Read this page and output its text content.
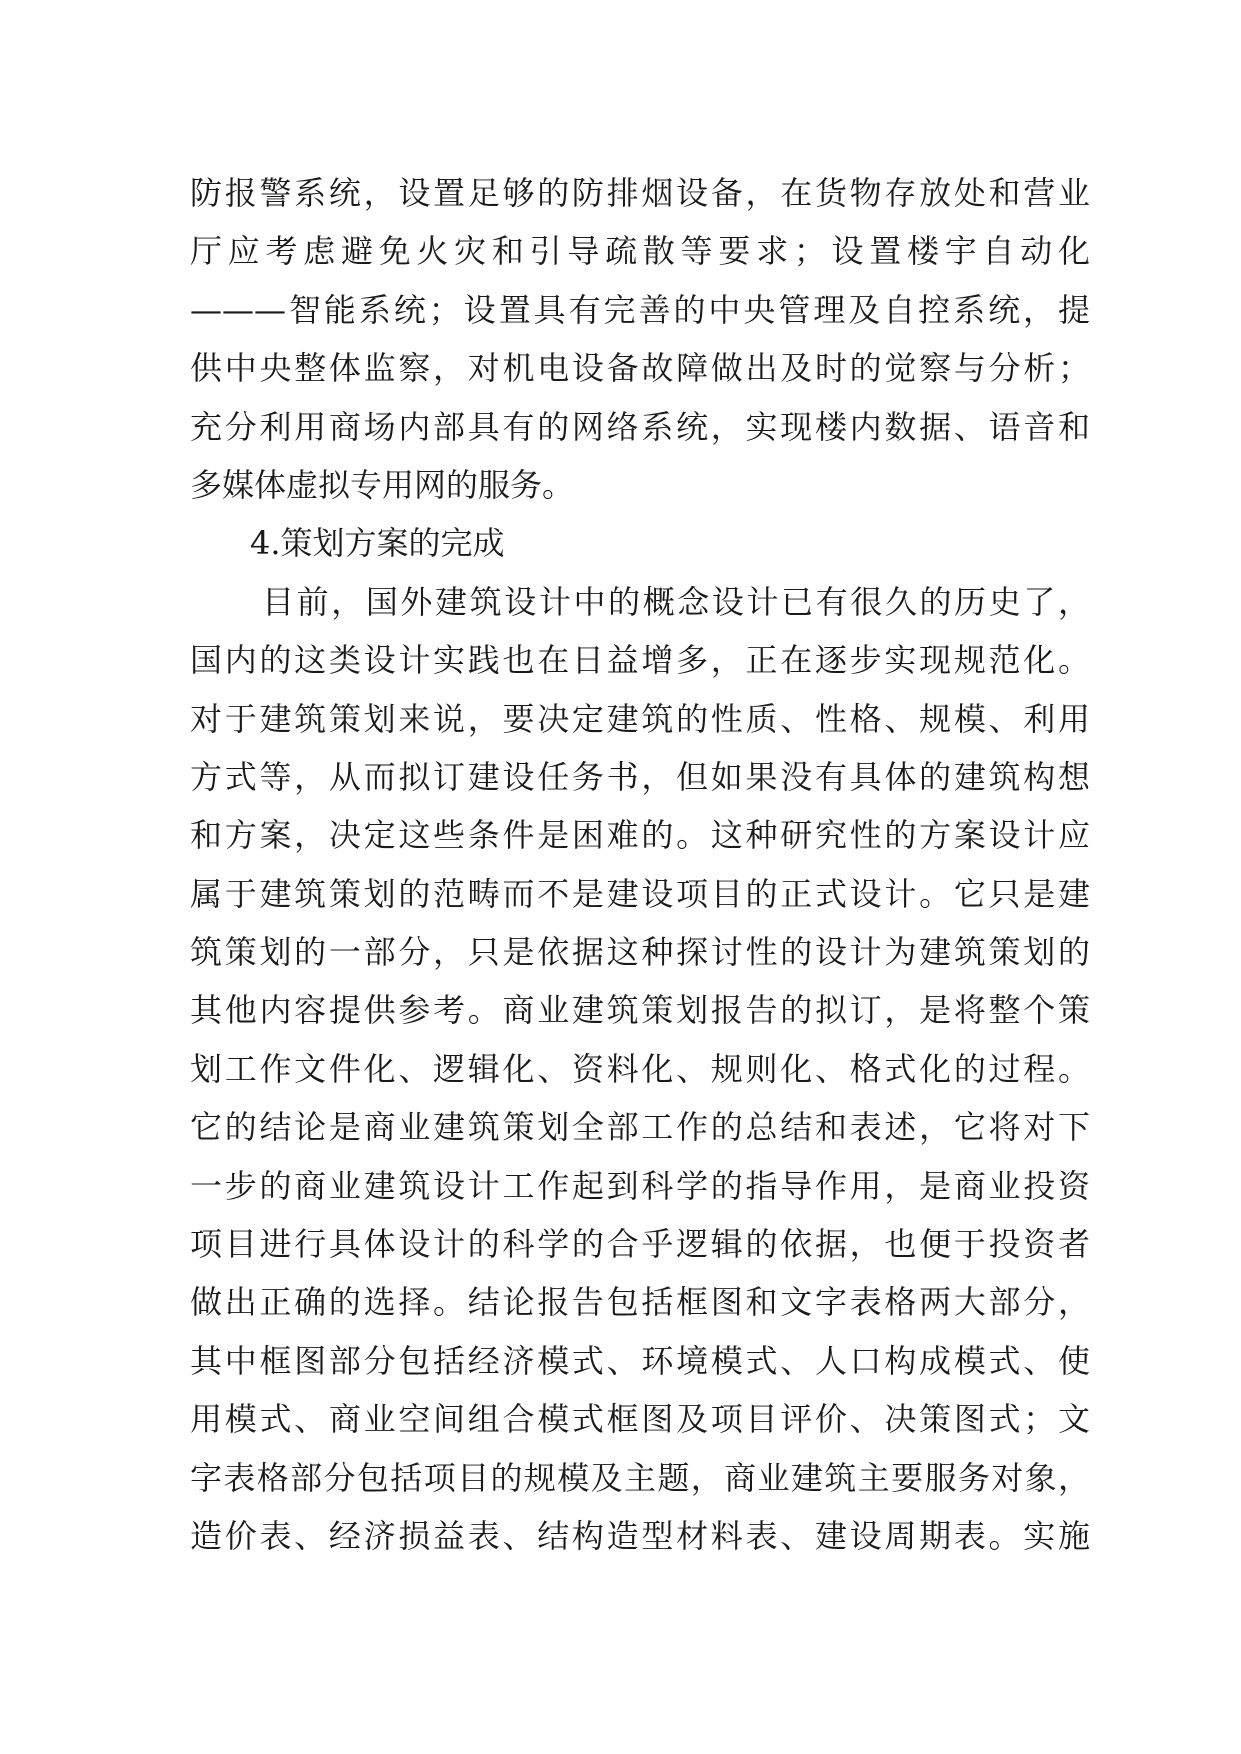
防报警系统，设置足够的防排烟设备，在货物存放处和营业
厅应考虑避免火灾和引导疏散等要求；设置楼宇自动化
———智能系统；设置具有完善的中央管理及自控系统，提
供中央整体监察，对机电设备故障做出及时的觉察与分析；
充分利用商场内部具有的网络系统，实现楼内数据、语音和
多媒体虚拟专用网的服务。
4.策划方案的完成
目前，国外建筑设计中的概念设计已有很久的历史了，
国内的这类设计实践也在日益增多，正在逐步实现规范化。
对于建筑策划来说，要决定建筑的性质、性格、规模、利用
方式等，从而拟订建设任务书，但如果没有具体的建筑构想
和方案，决定这些条件是困难的。这种研究性的方案设计应
属于建筑策划的范畴而不是建设项目的正式设计。它只是建
筑策划的一部分，只是依据这种探讨性的设计为建筑策划的
其他内容提供参考。商业建筑策划报告的拟订，是将整个策
划工作文件化、逻辑化、资料化、规则化、格式化的过程。
它的结论是商业建筑策划全部工作的总结和表述，它将对下
一步的商业建筑设计工作起到科学的指导作用，是商业投资
项目进行具体设计的科学的合乎逻辑的依据，也便于投资者
做出正确的选择。结论报告包括框图和文字表格两大部分，
其中框图部分包括经济模式、环境模式、人口构成模式、使
用模式、商业空间组合模式框图及项目评价、决策图式；文
字表格部分包括项目的规模及主题，商业建筑主要服务对象，
造价表、经济损益表、结构造型材料表、建设周期表。实施
